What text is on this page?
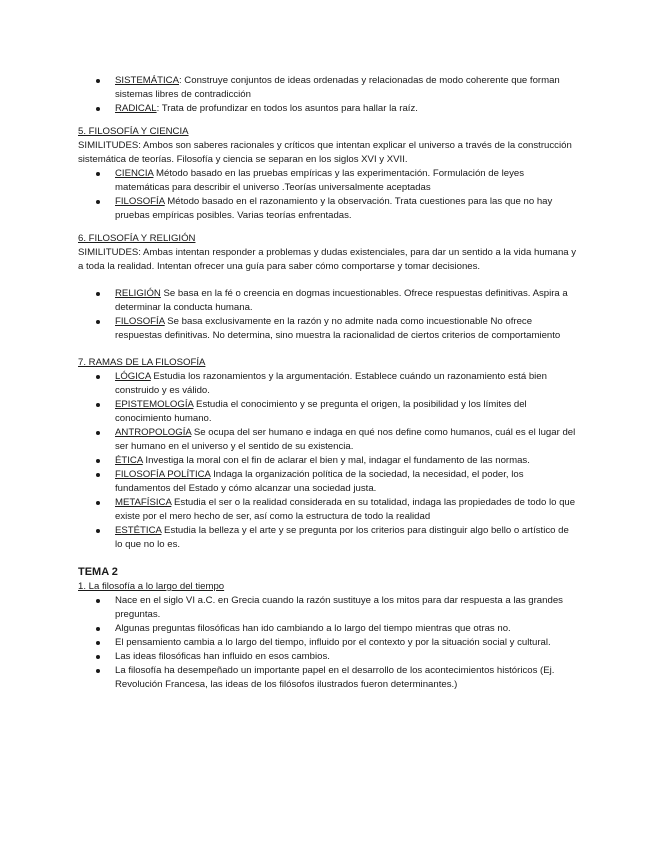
SISTEMÁTICA: Construye conjuntos de ideas ordenadas y relacionadas de modo coherente que forman sistemas libres de contradicción
RADICAL: Trata de profundizar en todos los asuntos para hallar la raíz.

5. FILOSOFÍA Y CIENCIA

SIMILITUDES: Ambos son saberes racionales y críticos que intentan explicar el universo a través de la construcción sistemática de teorías. Filosofía y ciencia se separan en los siglos XVI y XVII.

CIENCIA Método basado en las pruebas empíricas y las experimentación. Formulación de leyes matemáticas para describir el universo .Teorías universalmente aceptadas
FILOSOFÍA Método basado en el razonamiento y la observación. Trata cuestiones para las que no hay pruebas empíricas posibles. Varias teorías enfrentadas.

6. FILOSOFÍA Y RELIGIÓN

SIMILITUDES: Ambas intentan responder a problemas y dudas existenciales, para dar un sentido a la vida humana y a toda la realidad. Intentan ofrecer una guía para saber cómo comportarse y tomar decisiones.

RELIGIÓN Se basa en la fé o creencia en dogmas incuestionables. Ofrece respuestas definitivas. Aspira a determinar la conducta humana.
FILOSOFÍA Se basa exclusivamente en la razón y no admite nada como incuestionable No ofrece respuestas definitivas. No determina, sino muestra la racionalidad de ciertos criterios de comportamiento

7. RAMAS DE LA FILOSOFÍA

LÓGICA Estudia los razonamientos y la argumentación. Establece cuándo un razonamiento está bien construido y es válido.
EPISTEMOLOGÍA Estudia el conocimiento y se pregunta el origen, la posibilidad y los límites del conocimiento humano.
ANTROPOLOGÍA Se ocupa del ser humano e indaga en qué nos define como humanos, cuál es el lugar del ser humano en el universo y el sentido de su existencia.
ÉTICA Investiga la moral con el fin de aclarar el bien y mal, indagar el fundamento de las normas.
FILOSOFÍA POLÍTICA Indaga la organización política de la sociedad, la necesidad, el poder, los fundamentos del Estado y cómo alcanzar una sociedad justa.
METAFÍSICA Estudia el ser o la realidad considerada en su totalidad, indaga las propiedades de todo lo que existe por el mero hecho de ser, así como la estructura de todo la realidad
ESTÉTICA Estudia la belleza y el arte y se pregunta por los criterios para distinguir algo bello o artístico de lo que no lo es.

TEMA 2

1. La filosofía a lo largo del tiempo

Nace en el siglo VI a.C. en Grecia cuando la razón sustituye a los mitos para dar respuesta a las grandes preguntas.
Algunas preguntas filosóficas han ido cambiando a lo largo del tiempo mientras que otras no.
El pensamiento cambia a lo largo del tiempo, influido por el contexto y por la situación social y cultural.
Las ideas filosóficas han influido en esos cambios.
La filosofía ha desempeñado un importante papel en el desarrollo de los acontecimientos históricos (Ej. Revolución Francesa, las ideas de los filósofos ilustrados fueron determinantes.)
